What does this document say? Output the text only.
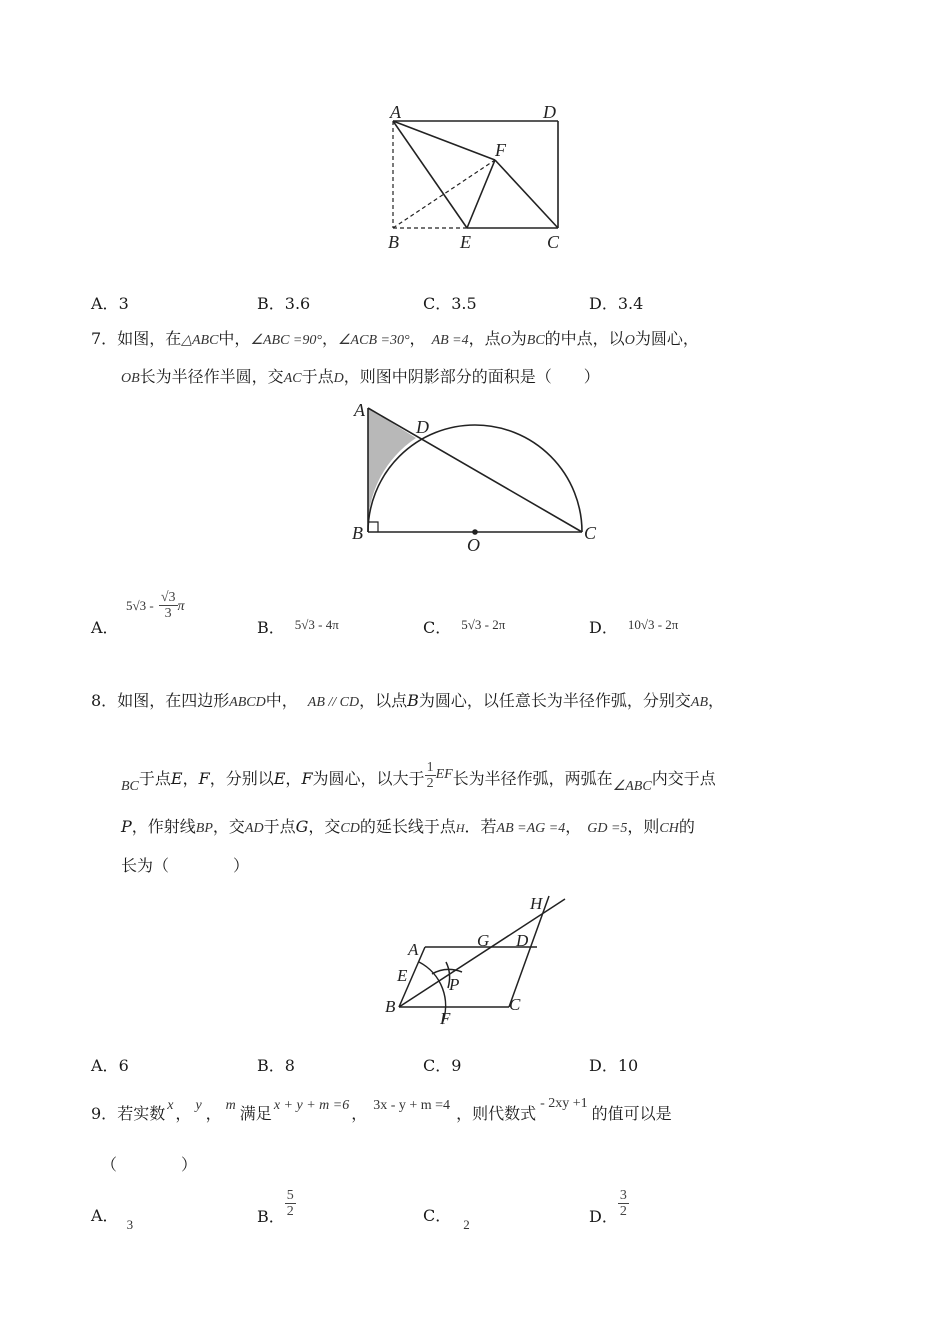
A	D
F
B	E	C
A．3	B．3.6	C．3.5	D．3.4
7．如图，在△ABC中，∠ABC =90°，∠ACB =30°， AB =4，点O为BC的中点，以O为圆心，
OB长为半径作半圆，交AC于点D，则图中阴影部分的面积是（　　）
A
D
B
O
C
A．
$5√3 - \frac{√3}{3}\pi$
B． $^{5√3 - 4\pi}$	C． $^{5√3 - 2\pi}$	D． $^{10√3 - 2\pi}$
8．如图，在四边形ABCD中， AB // CD，以点B为圆心，以任意长为半径作弧，分别交AB，
BC于点E，F，分别以E，F为圆心，以大于 $\frac{1}{2}EF$长为半径作弧，两弧在∠ABC内交于点
P，作射线BP，交AD于点G，交CD的延长线于点H．若AB =AG =4， GD =5，则CH的
长为（　　　　）
H
A	G D
E P
B
F
C
A．6	B．8	C．9	D．10
9．若实数 x ， y ， m 满足 x + y + m =6 ， 3x - y + m =4 ，则代数式- 2xy +1的值可以是
（　　　　）
A． $_3$	B． $\frac{5}{2}$	C． $_2$	D． $\frac{3}{2}$
